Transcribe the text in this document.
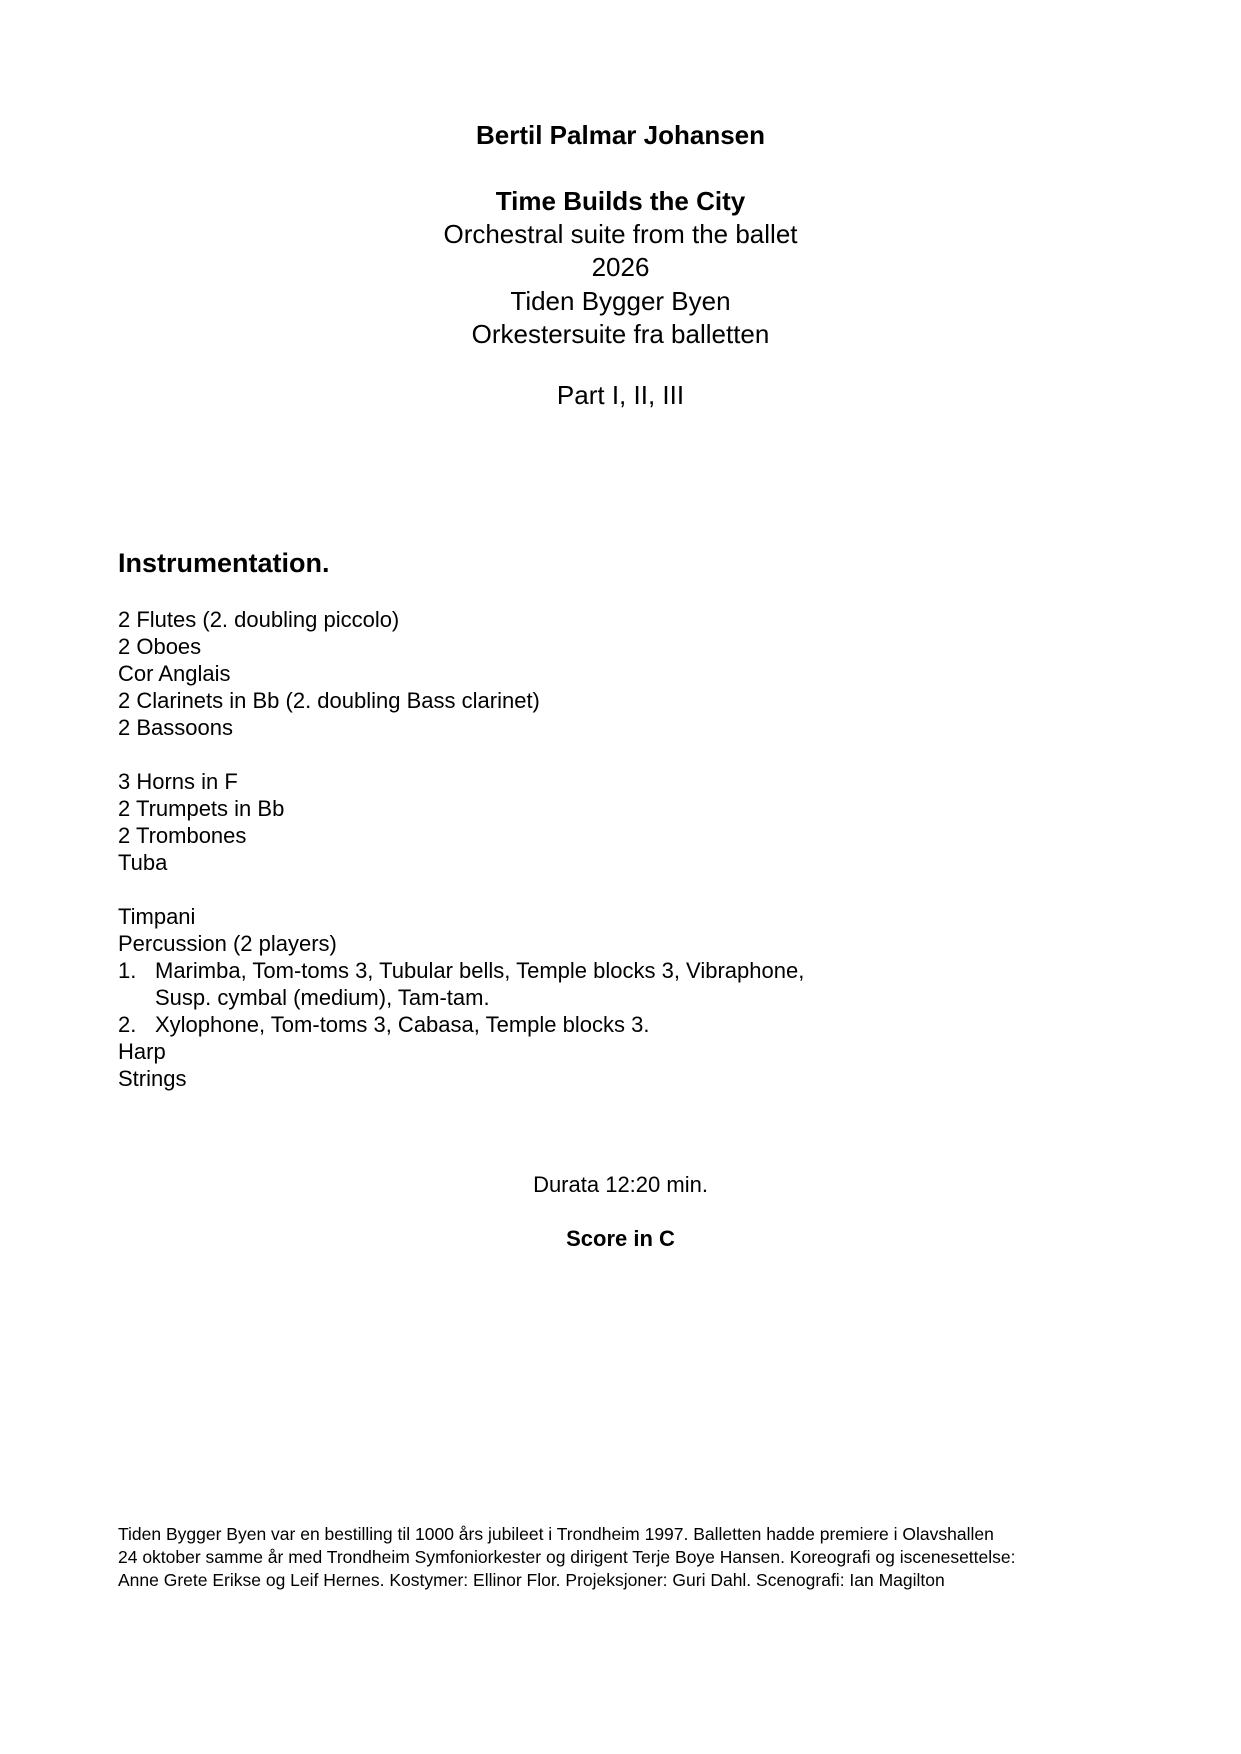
Bertil Palmar Johansen
Time Builds the City
Orchestral suite from the ballet
2026
Tiden Bygger Byen
Orkestersuite fra balletten
Part I, II, III
Instrumentation.
2 Flutes (2. doubling piccolo)
2 Oboes
Cor Anglais
2 Clarinets in Bb (2. doubling Bass clarinet)
2 Bassoons
3 Horns in F
2 Trumpets in Bb
2 Trombones
Tuba
Timpani
Percussion (2 players)
1. Marimba, Tom-toms 3, Tubular bells, Temple blocks 3, Vibraphone,
Susp. cymbal (medium), Tam-tam.
2. Xylophone, Tom-toms 3, Cabasa, Temple blocks 3.
Harp
Strings
Durata 12:20 min.
Score in C
Tiden Bygger Byen var en bestilling til 1000 års jubileet i Trondheim 1997. Balletten hadde premiere i Olavshallen
24 oktober samme år med Trondheim Symfoniorkester og dirigent Terje Boye Hansen. Koreografi og iscenesettelse:
Anne Grete Erikse og Leif Hernes. Kostymer: Ellinor Flor. Projeksjoner: Guri Dahl. Scenografi: Ian Magilton
